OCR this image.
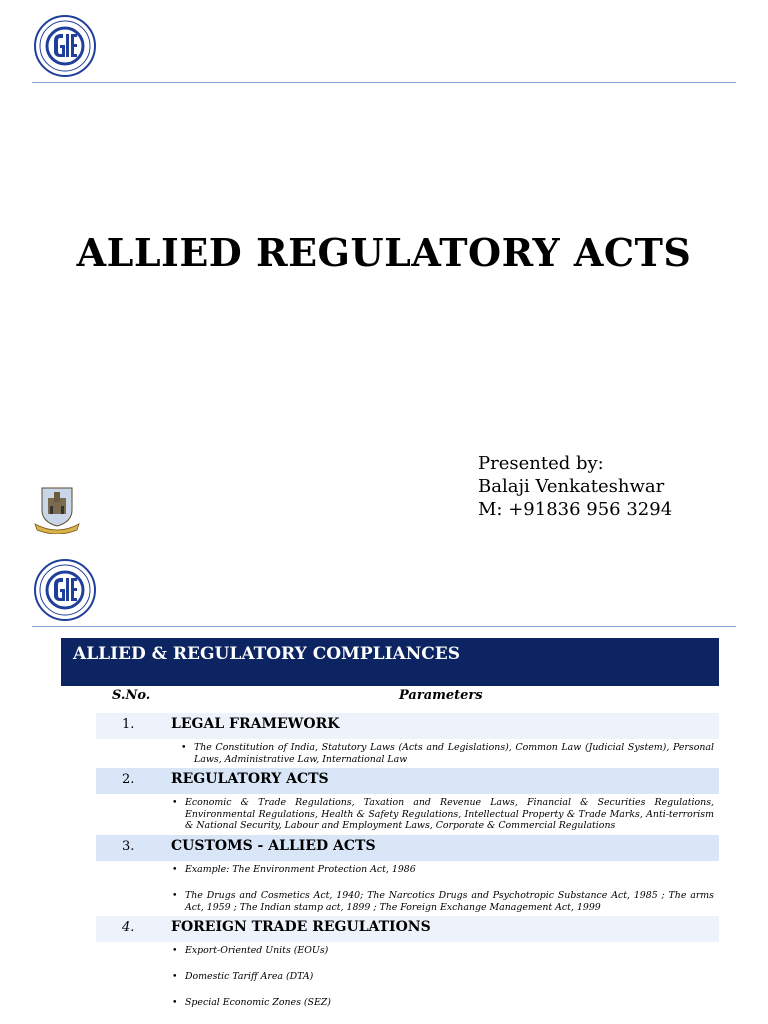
ALLIED REGULATORY ACTS
Presented by:
Balaji Venkateshwar
M: +91836 956 3294
ALLIED & REGULATORY COMPLIANCES
S.No.	Parameters
1.	LEGAL FRAMEWORK
• The Constitution of India, Statutory Laws (Acts and Legislations), Common Law (Judicial System), Personal Laws, Administrative Law, International Law
2.	REGULATORY ACTS
• Economic & Trade Regulations, Taxation and Revenue Laws, Financial & Securities Regulations, Environmental Regulations, Health & Safety Regulations, Intellectual Property & Trade Marks, Anti-terrorism & National Security, Labour and Employment Laws, Corporate & Commercial Regulations
3.	CUSTOMS - ALLIED ACTS
• Example: The Environment Protection Act, 1986
• The Drugs and Cosmetics Act, 1940; The Narcotics Drugs and Psychotropic Substance Act, 1985 ; The arms Act, 1959 ; The Indian stamp act, 1899 ; The Foreign Exchange Management Act, 1999
4.	FOREIGN TRADE REGULATIONS
• Export-Oriented Units (EOUs)
• Domestic Tariff Area (DTA)
• Special Economic Zones (SEZ)
